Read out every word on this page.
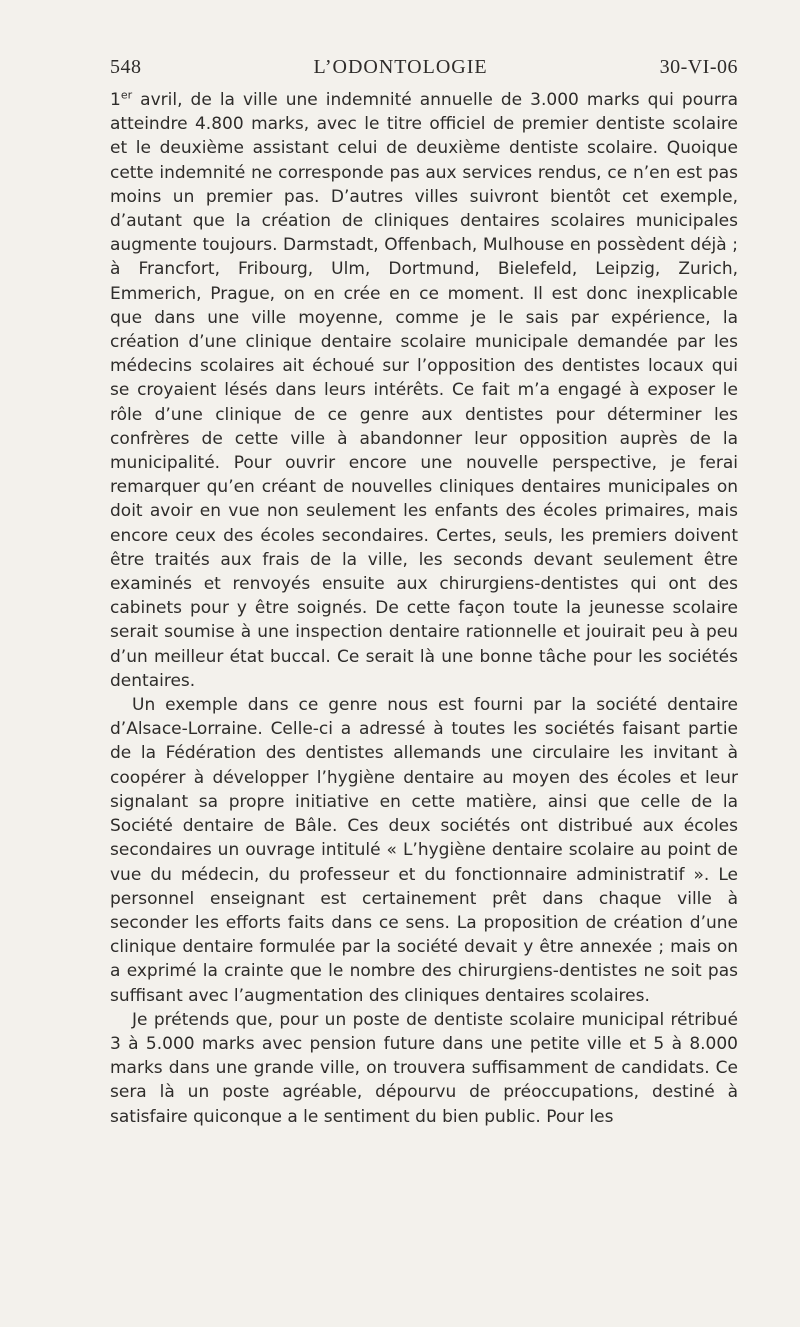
548	L’ODONTOLOGIE	30-VI-06

1er avril, de la ville une indemnité annuelle de 3.000 marks qui pourra atteindre 4.800 marks, avec le titre officiel de premier dentiste scolaire et le deuxième assistant celui de deuxième dentiste scolaire. Quoique cette indemnité ne corresponde pas aux services rendus, ce n’en est pas moins un premier pas. D’autres villes suivront bientôt cet exemple, d’autant que la création de cliniques dentaires scolaires municipales augmente toujours. Darmstadt, Offenbach, Mulhouse en possèdent déjà ; à Francfort, Fribourg, Ulm, Dortmund, Bielefeld, Leipzig, Zurich, Emmerich, Prague, on en crée en ce moment. Il est donc inexplicable que dans une ville moyenne, comme je le sais par expérience, la création d’une clinique dentaire scolaire municipale demandée par les médecins scolaires ait échoué sur l’opposition des dentistes locaux qui se croyaient lésés dans leurs intérêts. Ce fait m’a engagé à exposer le rôle d’une clinique de ce genre aux dentistes pour déterminer les confrères de cette ville à abandonner leur opposition auprès de la municipalité. Pour ouvrir encore une nouvelle perspective, je ferai remarquer qu’en créant de nouvelles cliniques dentaires municipales on doit avoir en vue non seulement les enfants des écoles primaires, mais encore ceux des écoles secondaires. Certes, seuls, les premiers doivent être traités aux frais de la ville, les seconds devant seulement être examinés et renvoyés ensuite aux chirurgiens-dentistes qui ont des cabinets pour y être soignés. De cette façon toute la jeunesse scolaire serait soumise à une inspection dentaire rationnelle et jouirait peu à peu d’un meilleur état buccal. Ce serait là une bonne tâche pour les sociétés dentaires.

Un exemple dans ce genre nous est fourni par la société dentaire d’Alsace-Lorraine. Celle-ci a adressé à toutes les sociétés faisant partie de la Fédération des dentistes allemands une circulaire les invitant à coopérer à développer l’hygiène dentaire au moyen des écoles et leur signalant sa propre initiative en cette matière, ainsi que celle de la Société dentaire de Bâle. Ces deux sociétés ont distribué aux écoles secondaires un ouvrage intitulé « L’hygiène dentaire scolaire au point de vue du médecin, du professeur et du fonctionnaire administratif ». Le personnel enseignant est certainement prêt dans chaque ville à seconder les efforts faits dans ce sens. La proposition de création d’une clinique dentaire formulée par la société devait y être annexée ; mais on a exprimé la crainte que le nombre des chirurgiens-dentistes ne soit pas suffisant avec l’augmentation des cliniques dentaires scolaires.

Je prétends que, pour un poste de dentiste scolaire municipal rétribué 3 à 5.000 marks avec pension future dans une petite ville et 5 à 8.000 marks dans une grande ville, on trouvera suffisamment de candidats. Ce sera là un poste agréable, dépourvu de préoccupations, destiné à satisfaire quiconque a le sentiment du bien public. Pour les
